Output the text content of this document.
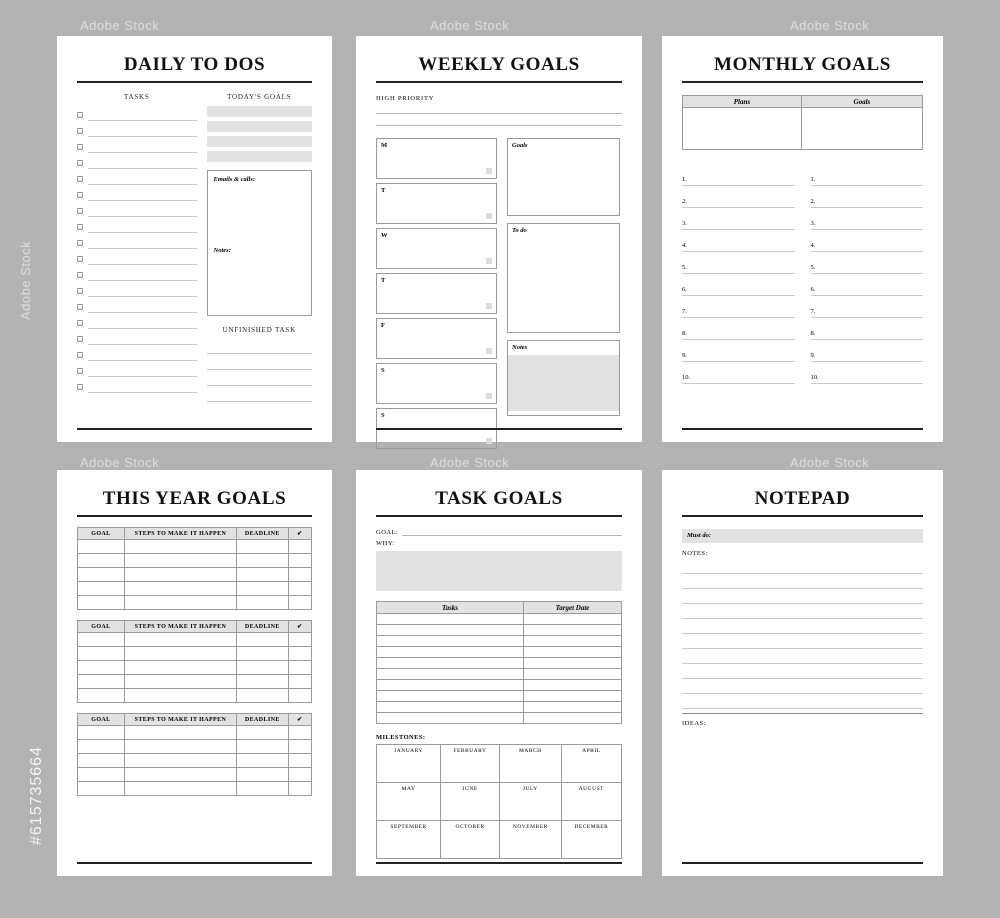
Adobe Stock	Adobe Stock	Adobe Stock
Adobe Stock	Adobe Stock	Adobe Stock
Adobe Stock
#615735664
DAILY TO DOS
TASKS	TODAY'S GOALS
Emails & calls:
Notes:
UNFINISHED TASK
WEEKLY GOALS
HIGH PRIORITY
M
T
W
T
F
S
S
Goals
To do
Notes
MONTHLY GOALS
Plans	Goals

1.
2.
3.
4.
5.
6.
7.
8.
9.
10.
1.
2.
3.
4.
5.
6.
7.
8.
9.
10.
THIS YEAR GOALS
GOAL	STEPS TO MAKE IT HAPPEN	DEADLINE	✔

GOAL	STEPS TO MAKE IT HAPPEN	DEADLINE	✔

GOAL	STEPS TO MAKE IT HAPPEN	DEADLINE	✔

TASK GOALS
GOAL:
WHY:
Tasks	Target Date

MILESTONES:
JANUARY	FEBRUARY	MARCH	APRIL
MAY	JUNE	JULY	AUGUST
SEPTEMBER	OCTOBER	NOVEMBER	DECEMBER
NOTEPAD
Must do:
NOTES:
IDEAS:
